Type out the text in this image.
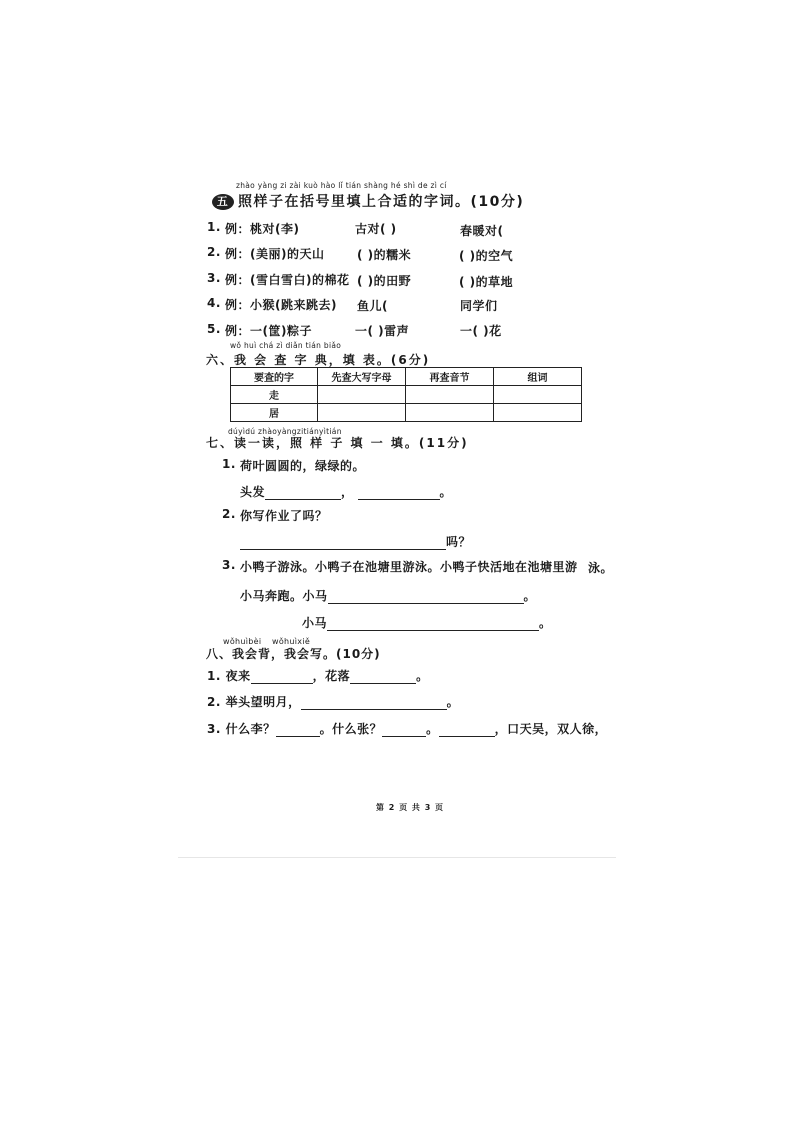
zhào yàng zi zài kuò hào lǐ tián shàng hé shì de zì cí
五 照样子在括号里填上合适的字词。(10分)
1. 例：桃对(李)	古对( )	春暖对(
2. 例：(美丽)的天山	( )的糯米	( )的空气
3. 例：(雪白雪白)的棉花 ( )的田野	( )的草地
4. 例：小猴(跳来跳去) 鱼儿(	同学们
5. 例：一(筐)粽子	一( )雷声	一( )花
wǒ huì chá zì diǎn tián biǎo
六、我 会 查 字 典，填 表。(6分)
要查的字	先查大写字母	再查音节	组词
走			
居			
dúyìdú zhàoyàngzitiányìtián
七、读一读，照 样 子 填 一 填。(11分)
1. 荷叶圆圆的，绿绿的。
头发	，	。
2. 你写作业了吗？
吗？
3. 小鸭子游泳。小鸭子在池塘里游泳。小鸭子快活地在池塘里游 泳。
小马奔跑。小马	。
小马	。
wǒhuìbèi wǒhuìxiě
八、我会背，我会写。(10分)
1. 夜来	，花落	。
2. 举头望明月，	。
3. 什么李？	。什么张？	。	，口天吴，双人徐，
第 2 页 共 3 页
